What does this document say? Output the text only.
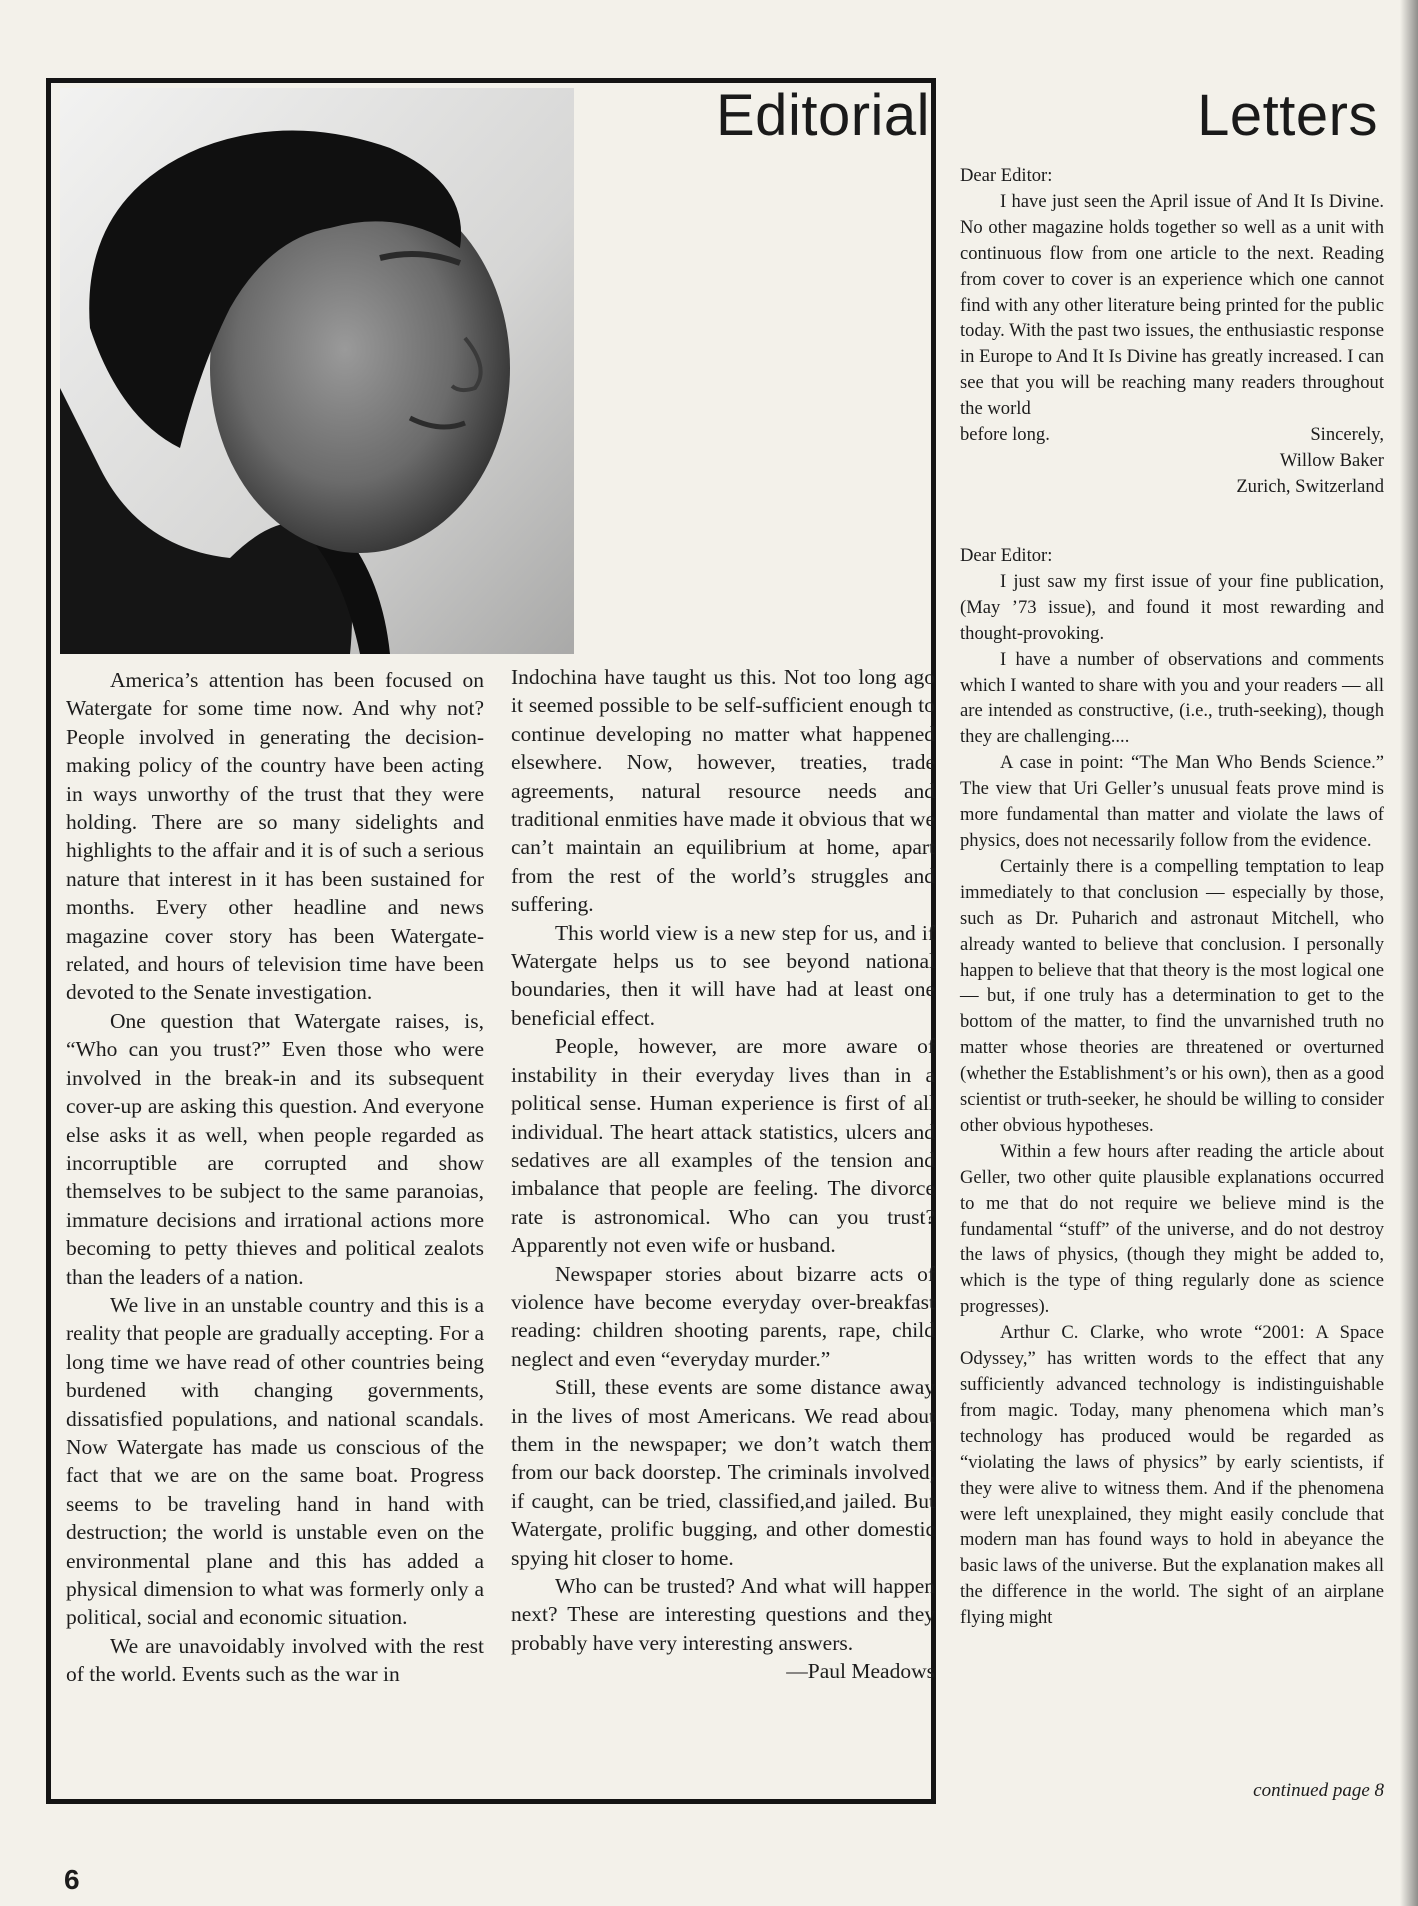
Editorial

America’s attention has been focused on Watergate for some time now. And why not? People involved in generating the decision-making policy of the country have been acting in ways unworthy of the trust that they were holding. There are so many sidelights and highlights to the affair and it is of such a serious nature that interest in it has been sustained for months. Every other headline and news magazine cover story has been Watergate-related, and hours of television time have been devoted to the Senate investigation.

One question that Watergate raises, is, “Who can you trust?” Even those who were involved in the break-in and its subsequent cover-up are asking this question. And everyone else asks it as well, when people regarded as incorruptible are corrupted and show themselves to be subject to the same paranoias, immature decisions and irrational actions more becoming to petty thieves and political zealots than the leaders of a nation.

We live in an unstable country and this is a reality that people are gradually accepting. For a long time we have read of other countries being burdened with changing governments, dissatisfied populations, and national scandals. Now Watergate has made us conscious of the fact that we are on the same boat. Progress seems to be traveling hand in hand with destruction; the world is unstable even on the environmental plane and this has added a physical dimension to what was formerly only a political, social and economic situation.

We are unavoidably involved with the rest of the world. Events such as the war in

Indochina have taught us this. Not too long ago it seemed possible to be self-sufficient enough to continue developing no matter what happened elsewhere. Now, however, treaties, trade agreements, natural resource needs and traditional enmities have made it obvious that we can’t maintain an equilibrium at home, apart from the rest of the world’s struggles and suffering.

This world view is a new step for us, and if Watergate helps us to see beyond national boundaries, then it will have had at least one beneficial effect.

People, however, are more aware of instability in their everyday lives than in a political sense. Human experience is first of all individual. The heart attack statistics, ulcers and sedatives are all examples of the tension and imbalance that people are feeling. The divorce rate is astronomical. Who can you trust? Apparently not even wife or husband.

Newspaper stories about bizarre acts of violence have become everyday over-breakfast reading: children shooting parents, rape, child neglect and even “everyday murder.”

Still, these events are some distance away in the lives of most Americans. We read about them in the newspaper; we don’t watch them from our back doorstep. The criminals involved, if caught, can be tried, classified,and jailed. But Watergate, prolific bugging, and other domestic spying hit closer to home.

Who can be trusted? And what will happen next? These are interesting questions and they probably have very interesting answers.
—Paul Meadows

Letters

Dear Editor:

I have just seen the April issue of And It Is Divine. No other magazine holds together so well as a unit with continuous flow from one article to the next. Reading from cover to cover is an experience which one cannot find with any other literature being printed for the public today. With the past two issues, the enthusiastic response in Europe to And It Is Divine has greatly increased. I can see that you will be reaching many readers throughout the world

before long.	Sincerely,

Willow Baker

Zurich, Switzerland

Dear Editor:

I just saw my first issue of your fine publication, (May ’73 issue), and found it most rewarding and thought-provoking.

I have a number of observations and comments which I wanted to share with you and your readers — all are intended as constructive, (i.e., truth-seeking), though they are challenging....

A case in point: “The Man Who Bends Science.” The view that Uri Geller’s unusual feats prove mind is more fundamental than matter and violate the laws of physics, does not necessarily follow from the evidence.

Certainly there is a compelling temptation to leap immediately to that conclusion — especially by those, such as Dr. Puharich and astronaut Mitchell, who already wanted to believe that conclusion. I personally happen to believe that that theory is the most logical one — but, if one truly has a determination to get to the bottom of the matter, to find the unvarnished truth no matter whose theories are threatened or overturned (whether the Establishment’s or his own), then as a good scientist or truth-seeker, he should be willing to consider other obvious hypotheses.

Within a few hours after reading the article about Geller, two other quite plausible explanations occurred to me that do not require we believe mind is the fundamental “stuff” of the universe, and do not destroy the laws of physics, (though they might be added to, which is the type of thing regularly done as science progresses).

Arthur C. Clarke, who wrote “2001: A Space Odyssey,” has written words to the effect that any sufficiently advanced technology is indistinguishable from magic. Today, many phenomena which man’s technology has produced would be regarded as “violating the laws of physics” by early scientists, if they were alive to witness them. And if the phenomena were left unexplained, they might easily conclude that modern man has found ways to hold in abeyance the basic laws of the universe. But the explanation makes all the difference in the world. The sight of an airplane flying might

continued page 8
6
